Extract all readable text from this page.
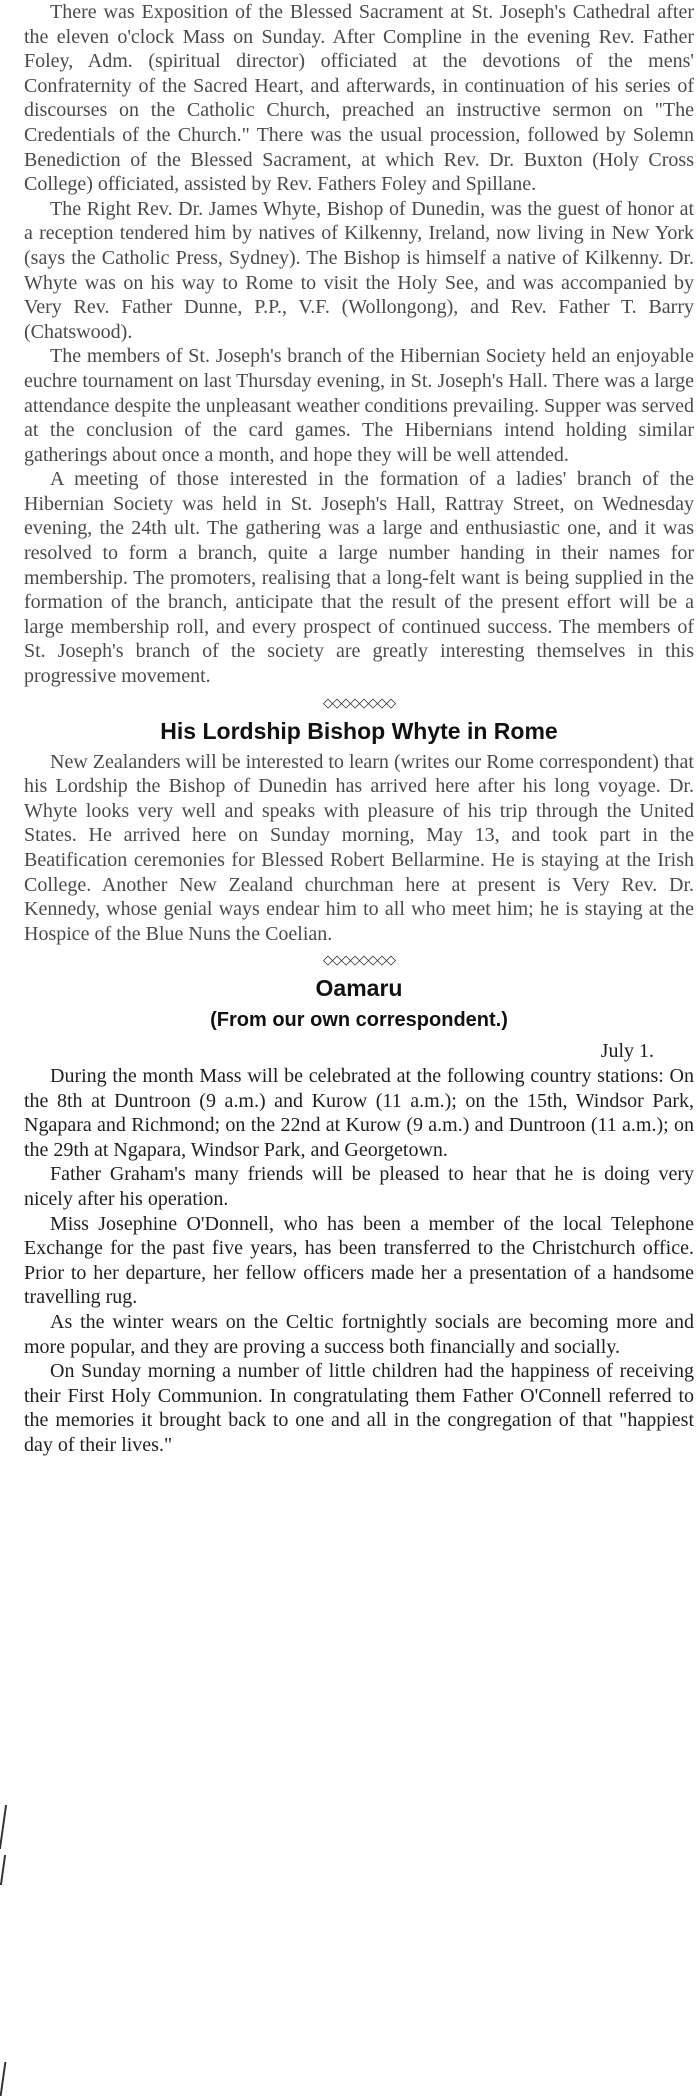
There was Exposition of the Blessed Sacrament at St. Joseph's Cathedral after the eleven o'clock Mass on Sunday. After Compline in the evening Rev. Father Foley, Adm. (spiritual director) officiated at the devotions of the mens' Confraternity of the Sacred Heart, and afterwards, in continuation of his series of discourses on the Catholic Church, preached an instructive sermon on "The Credentials of the Church." There was the usual procession, followed by Solemn Benediction of the Blessed Sacrament, at which Rev. Dr. Buxton (Holy Cross College) officiated, assisted by Rev. Fathers Foley and Spillane.

The Right Rev. Dr. James Whyte, Bishop of Dunedin, was the guest of honor at a reception tendered him by natives of Kilkenny, Ireland, now living in New York (says the Catholic Press, Sydney). The Bishop is himself a native of Kilkenny. Dr. Whyte was on his way to Rome to visit the Holy See, and was accompanied by Very Rev. Father Dunne, P.P., V.F. (Wollongong), and Rev. Father T. Barry (Chatswood).

The members of St. Joseph's branch of the Hibernian Society held an enjoyable euchre tournament on last Thursday evening, in St. Joseph's Hall. There was a large attendance despite the unpleasant weather conditions prevailing. Supper was served at the conclusion of the card games. The Hibernians intend holding similar gatherings about once a month, and hope they will be well attended.

A meeting of those interested in the formation of a ladies' branch of the Hibernian Society was held in St. Joseph's Hall, Rattray Street, on Wednesday evening, the 24th ult. The gathering was a large and enthusiastic one, and it was resolved to form a branch, quite a large number handing in their names for membership. The promoters, realising that a long-felt want is being supplied in the formation of the branch, anticipate that the result of the present effort will be a large membership roll, and every prospect of continued success. The members of St. Joseph's branch of the society are greatly interesting themselves in this progressive movement.

◇◇◇◇◇◇◇◇
His Lordship Bishop Whyte in Rome

New Zealanders will be interested to learn (writes our Rome correspondent) that his Lordship the Bishop of Dunedin has arrived here after his long voyage. Dr. Whyte looks very well and speaks with pleasure of his trip through the United States. He arrived here on Sunday morning, May 13, and took part in the Beatification ceremonies for Blessed Robert Bellarmine. He is staying at the Irish College. Another New Zealand churchman here at present is Very Rev. Dr. Kennedy, whose genial ways endear him to all who meet him; he is staying at the Hospice of the Blue Nuns the Coelian.

◇◇◇◇◇◇◇◇
Oamaru
(From our own correspondent.)
July 1.

During the month Mass will be celebrated at the following country stations: On the 8th at Duntroon (9 a.m.) and Kurow (11 a.m.); on the 15th, Windsor Park, Ngapara and Richmond; on the 22nd at Kurow (9 a.m.) and Duntroon (11 a.m.); on the 29th at Ngapara, Windsor Park, and Georgetown.

Father Graham's many friends will be pleased to hear that he is doing very nicely after his operation.

Miss Josephine O'Donnell, who has been a member of the local Telephone Exchange for the past five years, has been transferred to the Christchurch office. Prior to her departure, her fellow officers made her a presentation of a handsome travelling rug.

As the winter wears on the Celtic fortnightly socials are becoming more and more popular, and they are proving a success both financially and socially.

On Sunday morning a number of little children had the happiness of receiving their First Holy Communion. In congratulating them Father O'Connell referred to the memories it brought back to one and all in the congregation of that "happiest day of their lives."
